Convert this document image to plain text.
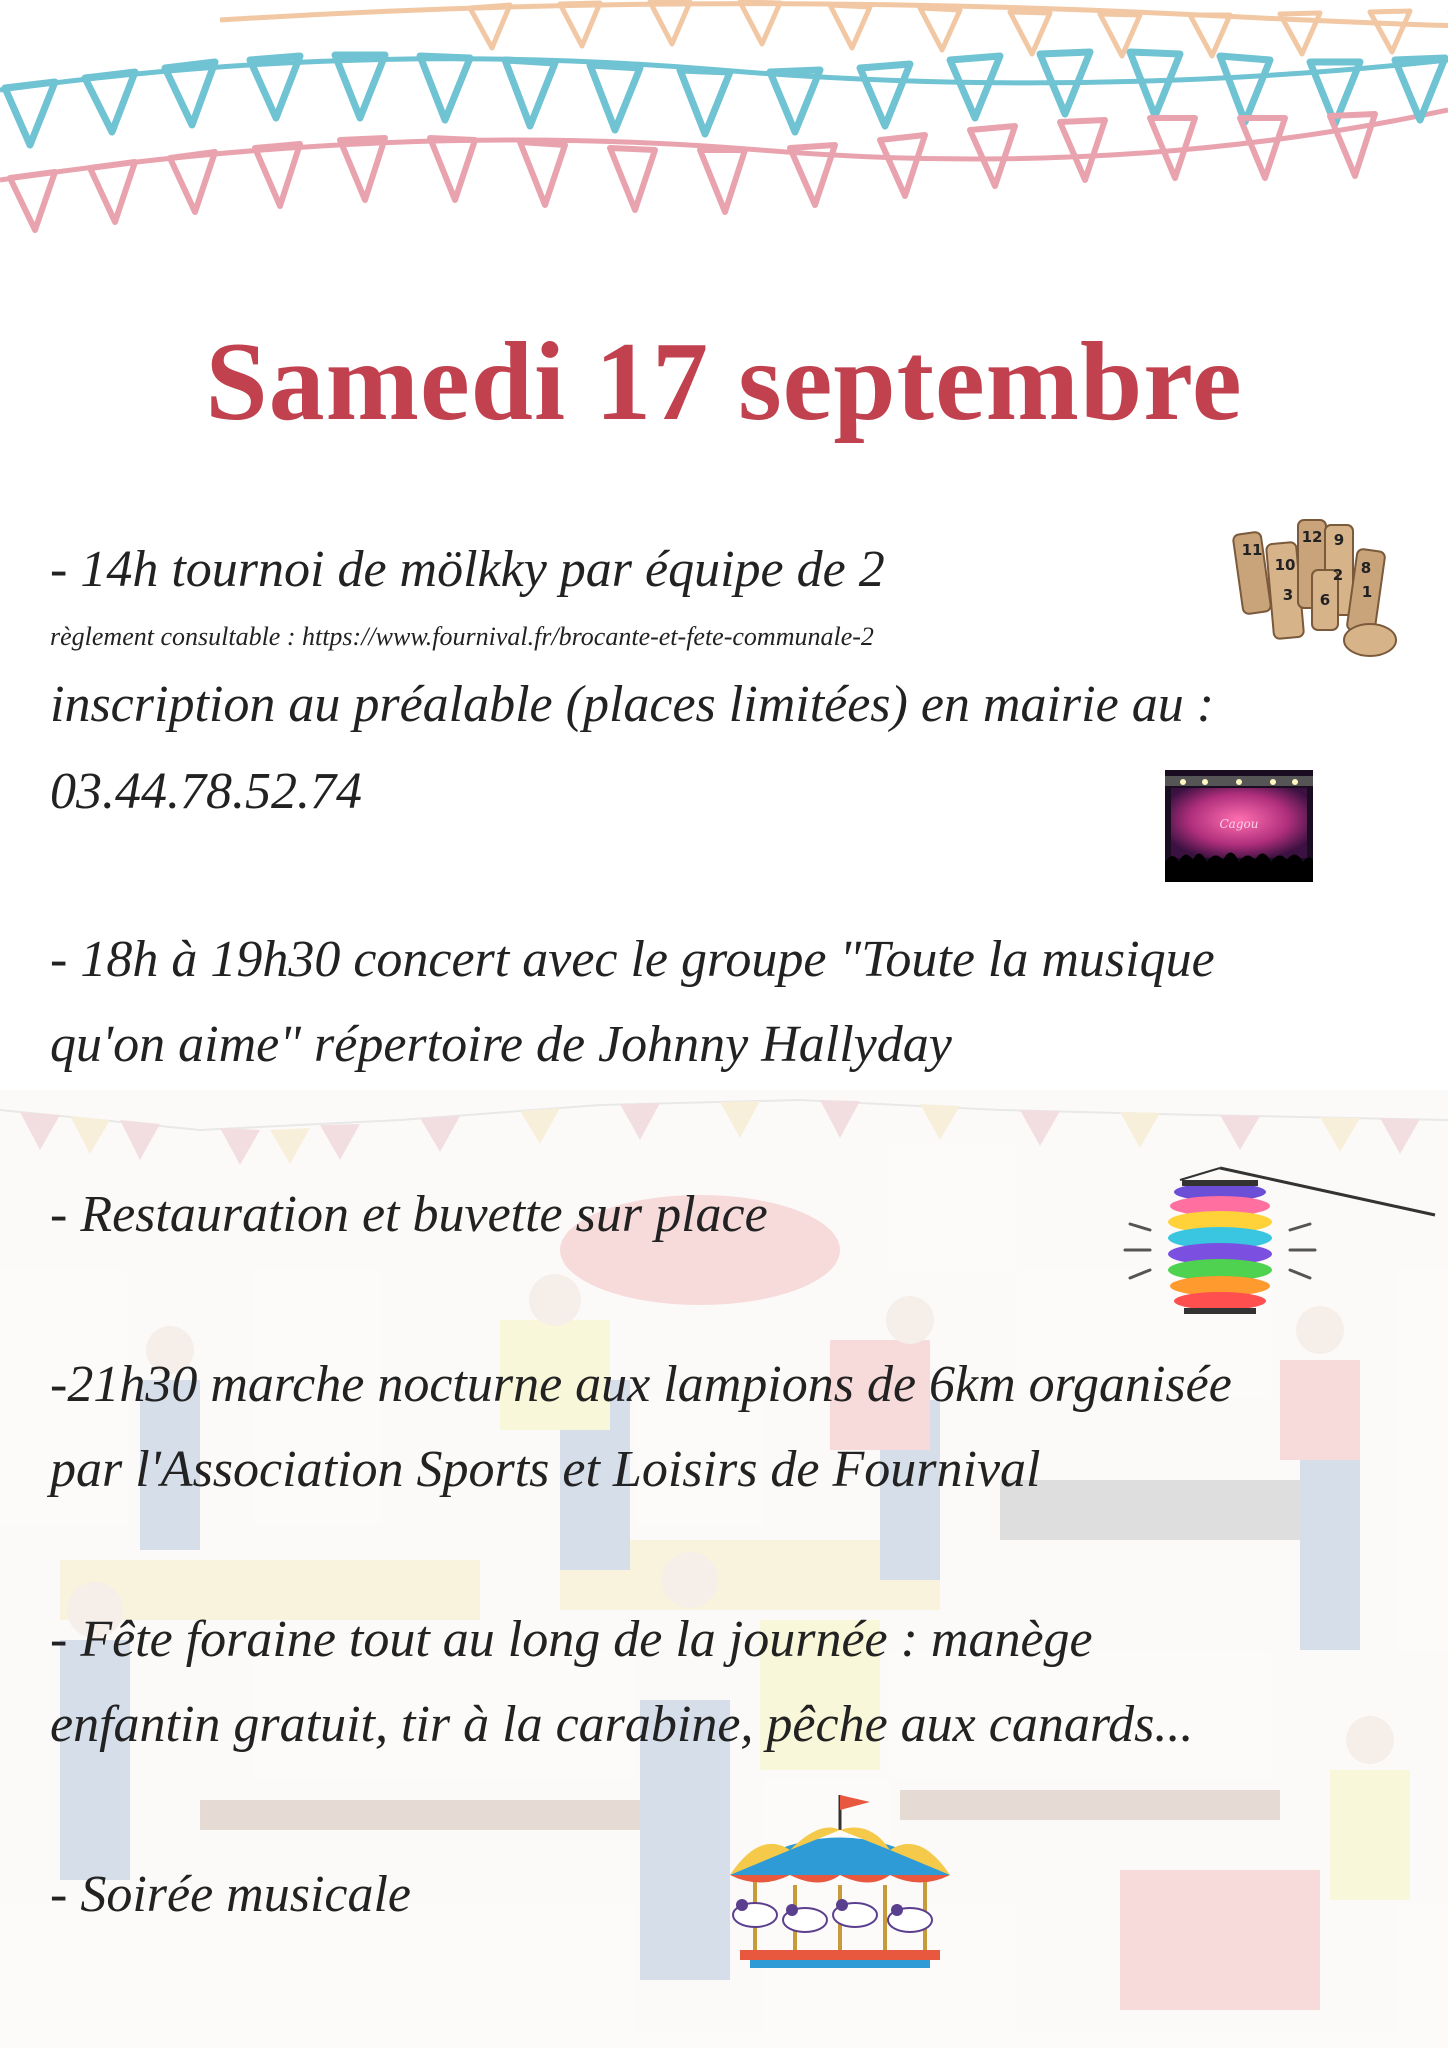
Samedi 17 septembre
- 14h tournoi de mölkky par équipe de 2
règlement consultable : https://www.fournival.fr/brocante-et-fete-communale-2
inscription au préalable (places limitées) en mairie au :
03.44.78.52.74
- 18h à 19h30 concert avec le groupe "Toute la musique
qu'on aime" répertoire de Johnny Hallyday
- Restauration et buvette sur place
-21h30 marche nocturne aux lampions de 6km organisée
par l'Association Sports et Loisirs de Fournival
- Fête foraine tout au long de la journée : manège
enfantin gratuit, tir à la carabine, pêche aux canards...
- Soirée musicale
11
10
12 9
3
2
6
8
1
Cagou
